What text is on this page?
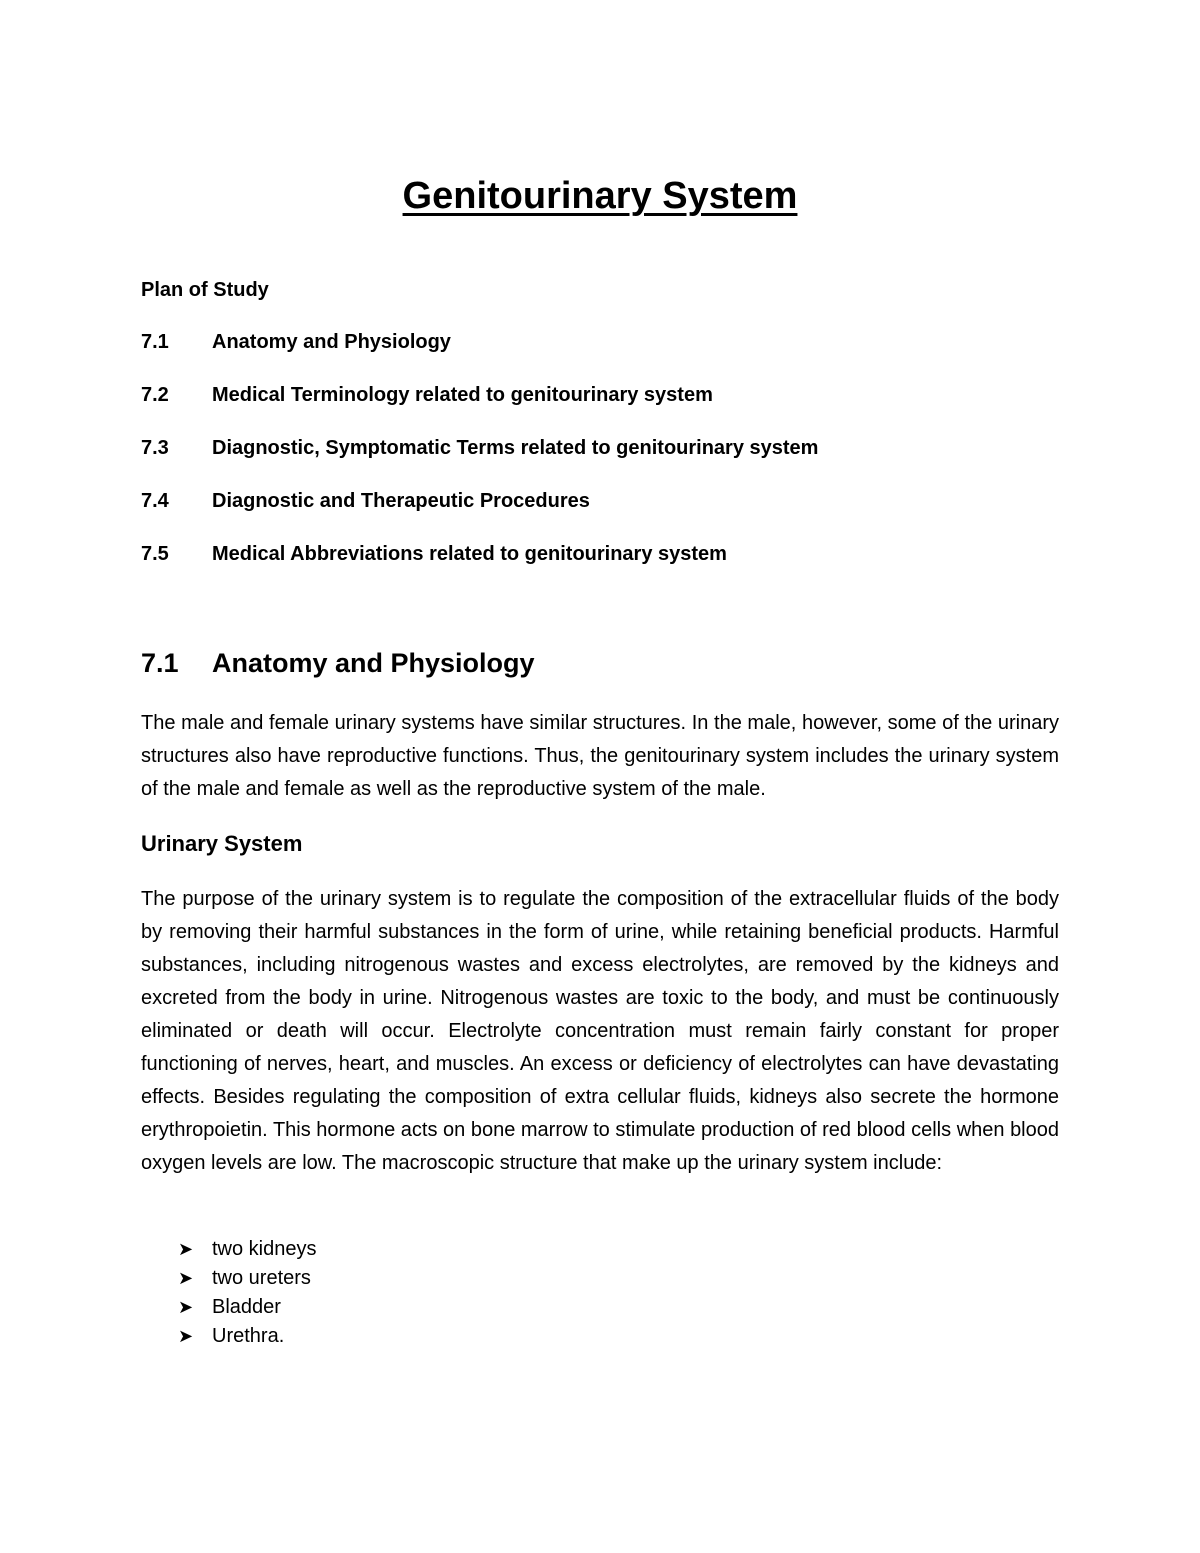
Genitourinary System
Plan of Study
7.1 Anatomy and Physiology
7.2 Medical Terminology related to genitourinary system
7.3 Diagnostic, Symptomatic Terms related to genitourinary system
7.4 Diagnostic and Therapeutic Procedures
7.5 Medical Abbreviations related to genitourinary system
7.1 Anatomy and Physiology

The male and female urinary systems have similar structures. In the male, however, some of the urinary structures also have reproductive functions. Thus, the genitourinary system includes the urinary system of the male and female as well as the reproductive system of the male.

Urinary System

The purpose of the urinary system is to regulate the composition of the extracellular fluids of the body by removing their harmful substances in the form of urine, while retaining beneficial products. Harmful substances, including nitrogenous wastes and excess electrolytes, are removed by the kidneys and excreted from the body in urine. Nitrogenous wastes are toxic to the body, and must be continuously eliminated or death will occur. Electrolyte concentration must remain fairly constant for proper functioning of nerves, heart, and muscles. An excess or deficiency of electrolytes can have devastating effects. Besides regulating the composition of extra cellular fluids, kidneys also secrete the hormone erythropoietin. This hormone acts on bone marrow to stimulate production of red blood cells when blood oxygen levels are low. The macroscopic structure that make up the urinary system include:

➤ two kidneys
➤ two ureters
➤ Bladder
➤ Urethra.
